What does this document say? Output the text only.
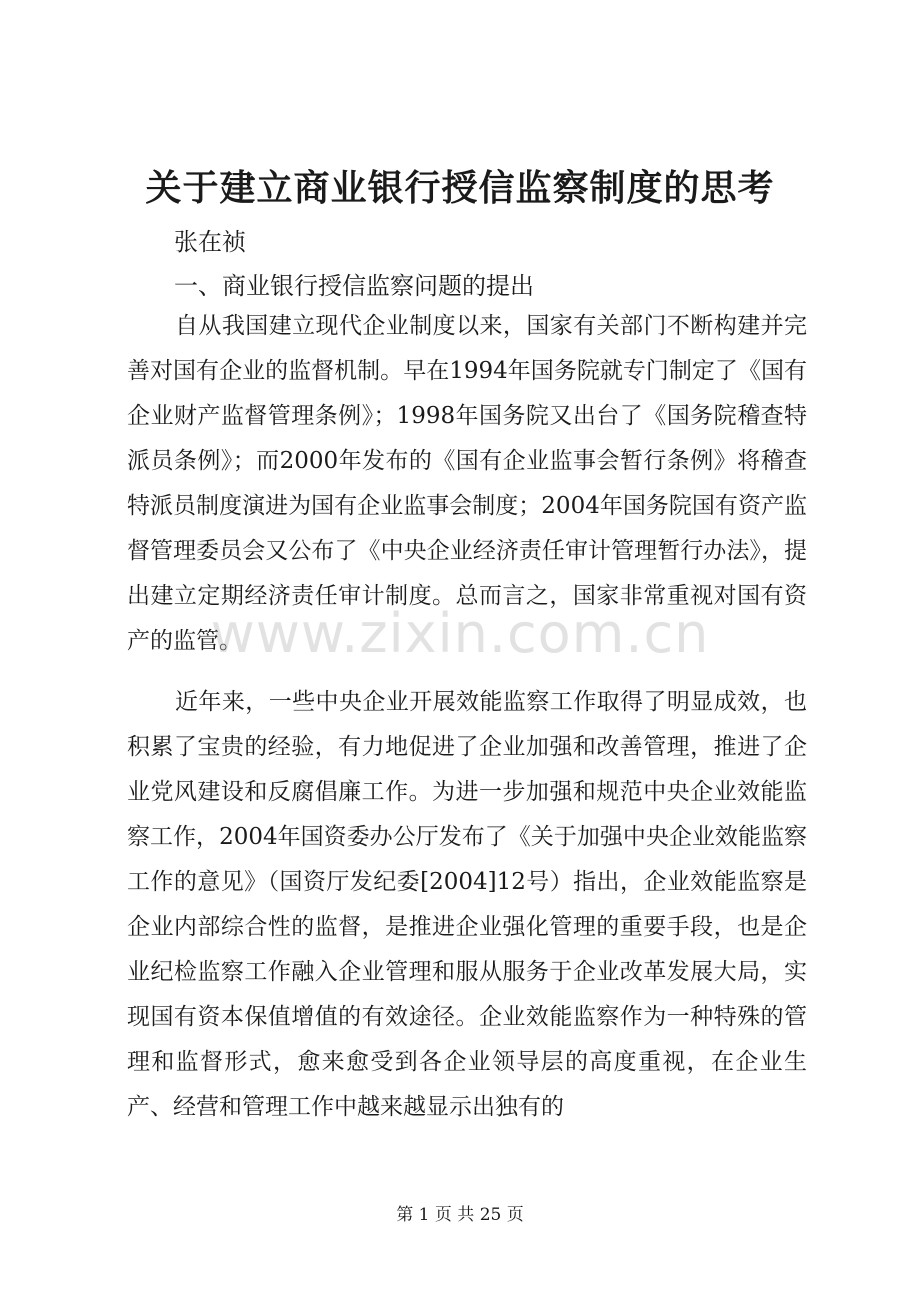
关于建立商业银行授信监察制度的思考
张在祯
一、商业银行授信监察问题的提出

自从我国建立现代企业制度以来，国家有关部门不断构建并完善对国有企业的监督机制。早在1994年国务院就专门制定了《国有企业财产监督管理条例》；1998年国务院又出台了《国务院稽查特派员条例》；而2000年发布的《国有企业监事会暂行条例》将稽查特派员制度演进为国有企业监事会制度；2004年国务院国有资产监督管理委员会又公布了《中央企业经济责任审计管理暂行办法》，提出建立定期经济责任审计制度。总而言之，国家非常重视对国有资产的监管。

近年来，一些中央企业开展效能监察工作取得了明显成效，也积累了宝贵的经验，有力地促进了企业加强和改善管理，推进了企业党风建设和反腐倡廉工作。为进一步加强和规范中央企业效能监察工作，2004年国资委办公厅发布了《关于加强中央企业效能监察工作的意见》（国资厅发纪委[2004]12号）指出，企业效能监察是企业内部综合性的监督，是推进企业强化管理的重要手段，也是企业纪检监察工作融入企业管理和服从服务于企业改革发展大局，实现国有资本保值增值的有效途径。企业效能监察作为一种特殊的管理和监督形式，愈来愈受到各企业领导层的高度重视，在企业生产、经营和管理工作中越来越显示出独有的

www.zixin.com.cn
第 1 页 共 25 页
